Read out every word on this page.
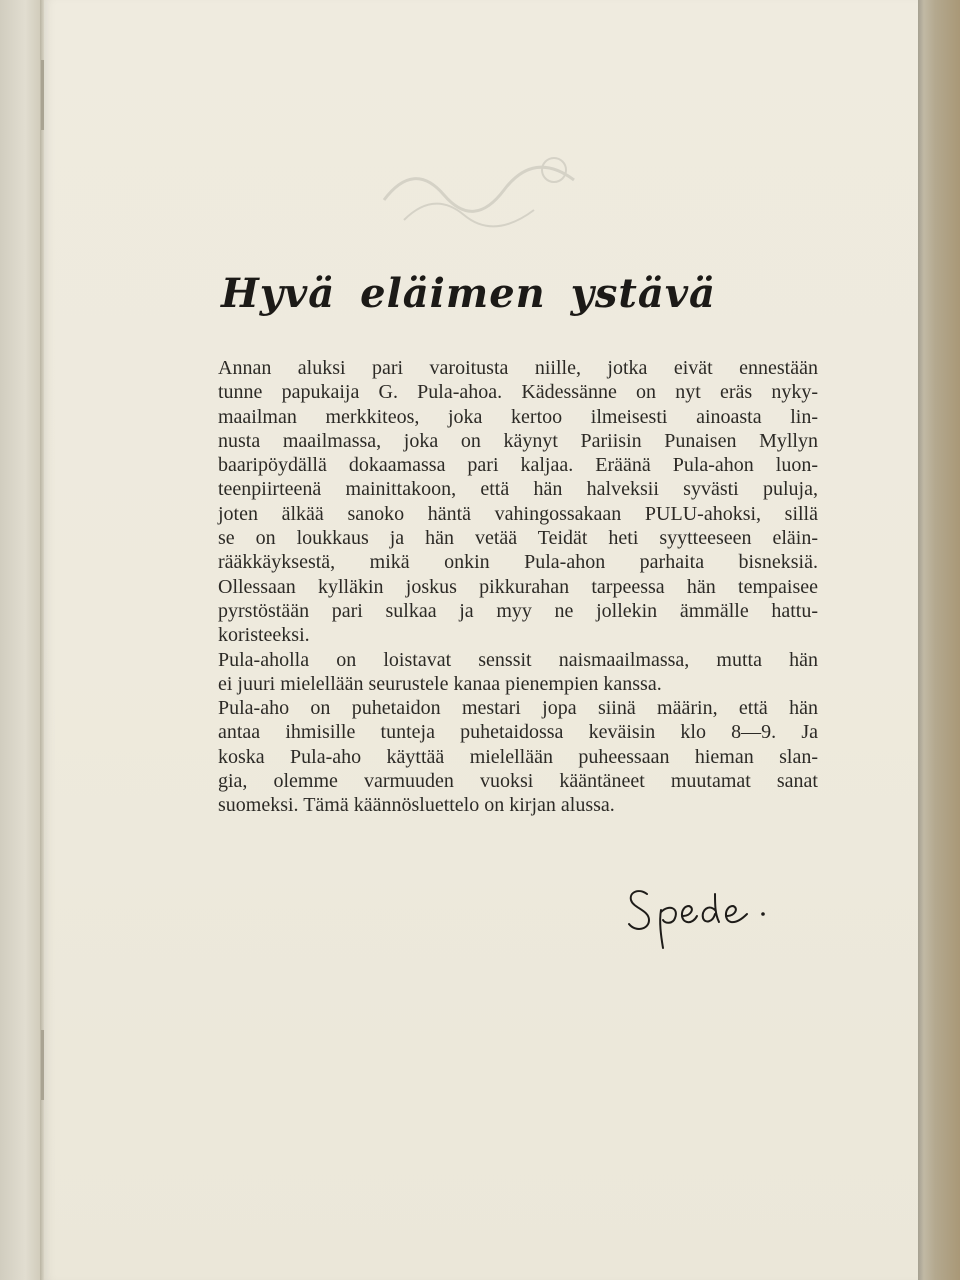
Hyvä eläimen ystävä
Annan aluksi pari varoitusta niille, jotka eivät ennestään
tunne papukaija G. Pula-ahoa. Kädessänne on nyt eräs nyky-
maailman merkkiteos, joka kertoo ilmeisesti ainoasta lin-
nusta maailmassa, joka on käynyt Pariisin Punaisen Myllyn
baaripöydällä dokaamassa pari kaljaa. Eräänä Pula-ahon luon-
teenpiirteenä mainittakoon, että hän halveksii syvästi puluja,
joten älkää sanoko häntä vahingossakaan PULU-ahoksi, sillä
se on loukkaus ja hän vetää Teidät heti syytteeseen eläin-
rääkkäyksestä, mikä onkin Pula-ahon parhaita bisneksiä.
Ollessaan kylläkin joskus pikkurahan tarpeessa hän tempaisee
pyrstöstään pari sulkaa ja myy ne jollekin ämmälle hattu-
koristeeksi.
Pula-aholla on loistavat senssit naismaailmassa, mutta hän
ei juuri mielellään seurustele kanaa pienempien kanssa.
Pula-aho on puhetaidon mestari jopa siinä määrin, että hän
antaa ihmisille tunteja puhetaidossa keväisin klo 8—9. Ja
koska Pula-aho käyttää mielellään puheessaan hieman slan-
gia, olemme varmuuden vuoksi kääntäneet muutamat sanat
suomeksi. Tämä käännösluettelo on kirjan alussa.
